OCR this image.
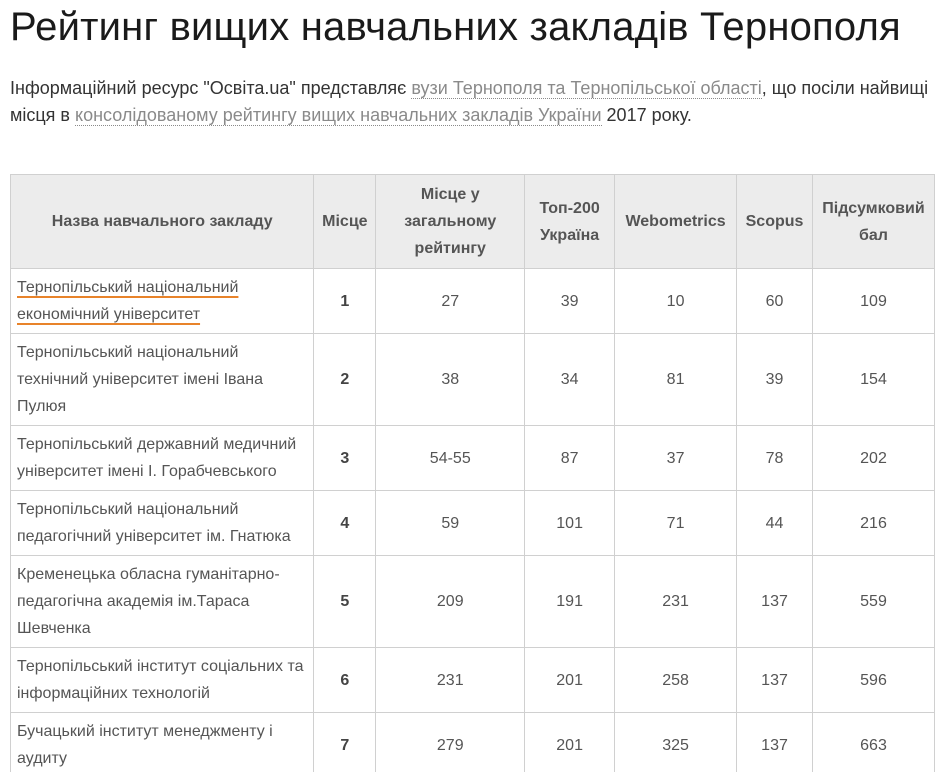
Рейтинг вищих навчальних закладів Тернополя

Інформаційний ресурс "Освіта.ua" представляє вузи Тернополя та Тернопільської області, що посіли найвищі місця в консолідованому рейтингу вищих навчальних закладів України 2017 року.

Назва навчального закладу	Місце	Місце у загальному рейтингу	Топ-200 Україна	Webometrics	Scopus	Підсумковий бал
Тернопільський національний економічний університет	1	27	39	10	60	109
Тернопільський національний технічний університет імені Івана Пулюя	2	38	34	81	39	154
Тернопільський державний медичний університет імені І. Горабчевського	3	54-55	87	37	78	202
Тернопільський національний педагогічний університет ім. Гнатюка	4	59	101	71	44	216
Кременецька обласна гуманітарно-педагогічна академія ім.Тараса Шевченка	5	209	191	231	137	559
Тернопільський інститут соціальних та інформаційних технологій	6	231	201	258	137	596
Бучацький інститут менеджменту і аудиту	7	279	201	325	137	663
